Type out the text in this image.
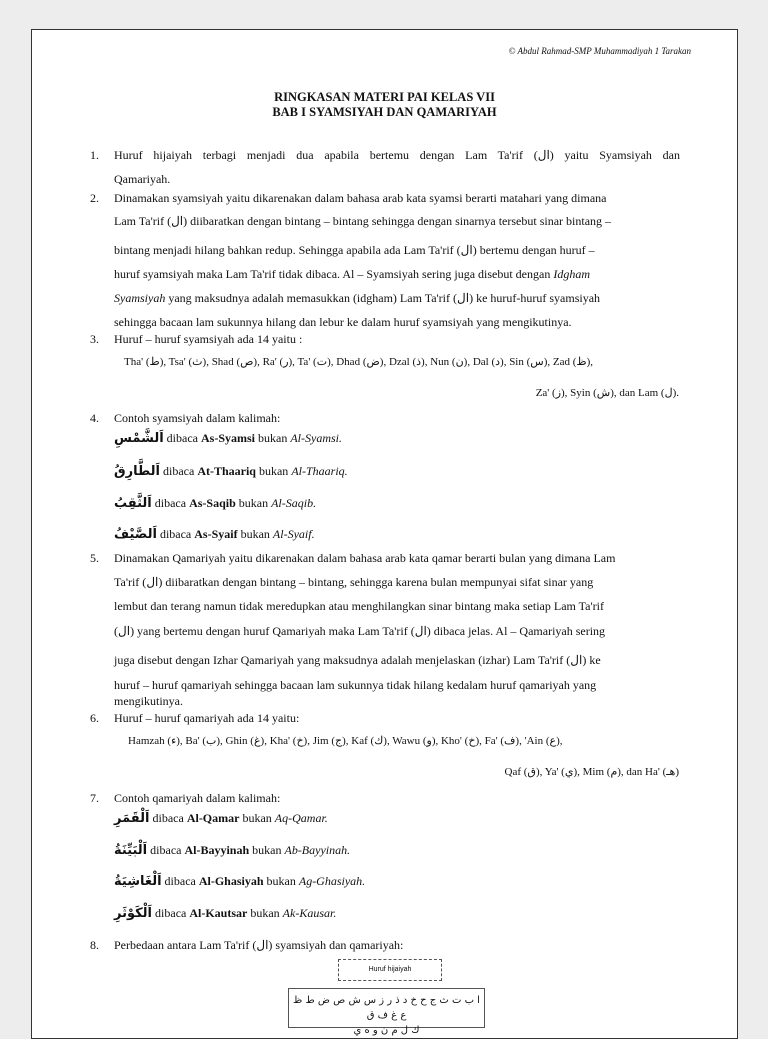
© Abdul Rahmad-SMP Muhammadiyah 1 Tarakan
RINGKASAN MATERI PAI KELAS VII
BAB I SYAMSIYAH DAN QAMARIYAH
1. Huruf hijaiyah terbagi menjadi dua apabila bertemu dengan Lam Ta'rif (ال) yaitu Syamsiyah dan
Qamariyah.
2. Dinamakan syamsiyah yaitu dikarenakan dalam bahasa arab kata syamsi berarti matahari yang dimana
Lam Ta'rif (ال) diibaratkan dengan bintang – bintang sehingga dengan sinarnya tersebut sinar bintang –
bintang menjadi hilang bahkan redup. Sehingga apabila ada Lam Ta'rif (ال) bertemu dengan huruf –
huruf syamsiyah maka Lam Ta'rif tidak dibaca. Al – Syamsiyah sering juga disebut dengan Idgham
Syamsiyah yang maksudnya adalah memasukkan (idgham) Lam Ta'rif (ال) ke huruf-huruf syamsiyah
sehingga bacaan lam sukunnya hilang dan lebur ke dalam huruf syamsiyah yang mengikutinya.
3. Huruf – huruf syamsiyah ada 14 yaitu :
Tha' (ط), Tsa' (ث), Shad (ص), Ra' (ر), Ta' (ت), Dhad (ض), Dzal (ذ), Nun (ن), Dal (د), Sin (س), Zad (ظ),
Za' (ز), Syin (ش), dan Lam (ل).
4. Contoh syamsiyah dalam kalimah:
اَلشَّمْسِ dibaca As-Syamsi bukan Al-Syamsi.
اَلطَّارِقُ dibaca At-Thaariq bukan Al-Thaariq.
اَلثَّقِبُ dibaca As-Saqib bukan Al-Saqib.
اَلصَّيْفُ dibaca As-Syaif bukan Al-Syaif.
5. Dinamakan Qamariyah yaitu dikarenakan dalam bahasa arab kata qamar berarti bulan yang dimana Lam
Ta'rif (ال) diibaratkan dengan bintang – bintang, sehingga karena bulan mempunyai sifat sinar yang
lembut dan terang namun tidak meredupkan atau menghilangkan sinar bintang maka setiap Lam Ta'rif
(ال) yang bertemu dengan huruf Qamariyah maka Lam Ta'rif (ال) dibaca jelas. Al – Qamariyah sering
juga disebut dengan Izhar Qamariyah yang maksudnya adalah menjelaskan (izhar) Lam Ta'rif (ال) ke
huruf – huruf qamariyah sehingga bacaan lam sukunnya tidak hilang kedalam huruf qamariyah yang
mengikutinya.
6. Huruf – huruf qamariyah ada 14 yaitu:
Hamzah (ء), Ba' (ب), Ghin (غ), Kha' (خ), Jim (ج), Kaf (ك), Wawu (و), Kho' (خ), Fa' (ف), 'Ain (ع),
Qaf (ق), Ya' (ي), Mim (م), dan Ha' (هـ)
7. Contoh qamariyah dalam kalimah:
اَلْقَمَرِ dibaca Al-Qamar bukan Aq-Qamar.
اَلْبَيِّنَةُ dibaca Al-Bayyinah bukan Ab-Bayyinah.
اَلْغَاشِيَةُ dibaca Al-Ghasiyah bukan Ag-Ghasiyah.
اَلْكَوْثَرِ dibaca Al-Kautsar bukan Ak-Kausar.
8. Perbedaan antara Lam Ta'rif (ال) syamsiyah dan qamariyah:
Huruf hijaiyah
ا ب ت ث ج ح خ د ذ ر ز س ش ص ض ط ظ ع غ ف ق
ك ل م ن و ه ي
